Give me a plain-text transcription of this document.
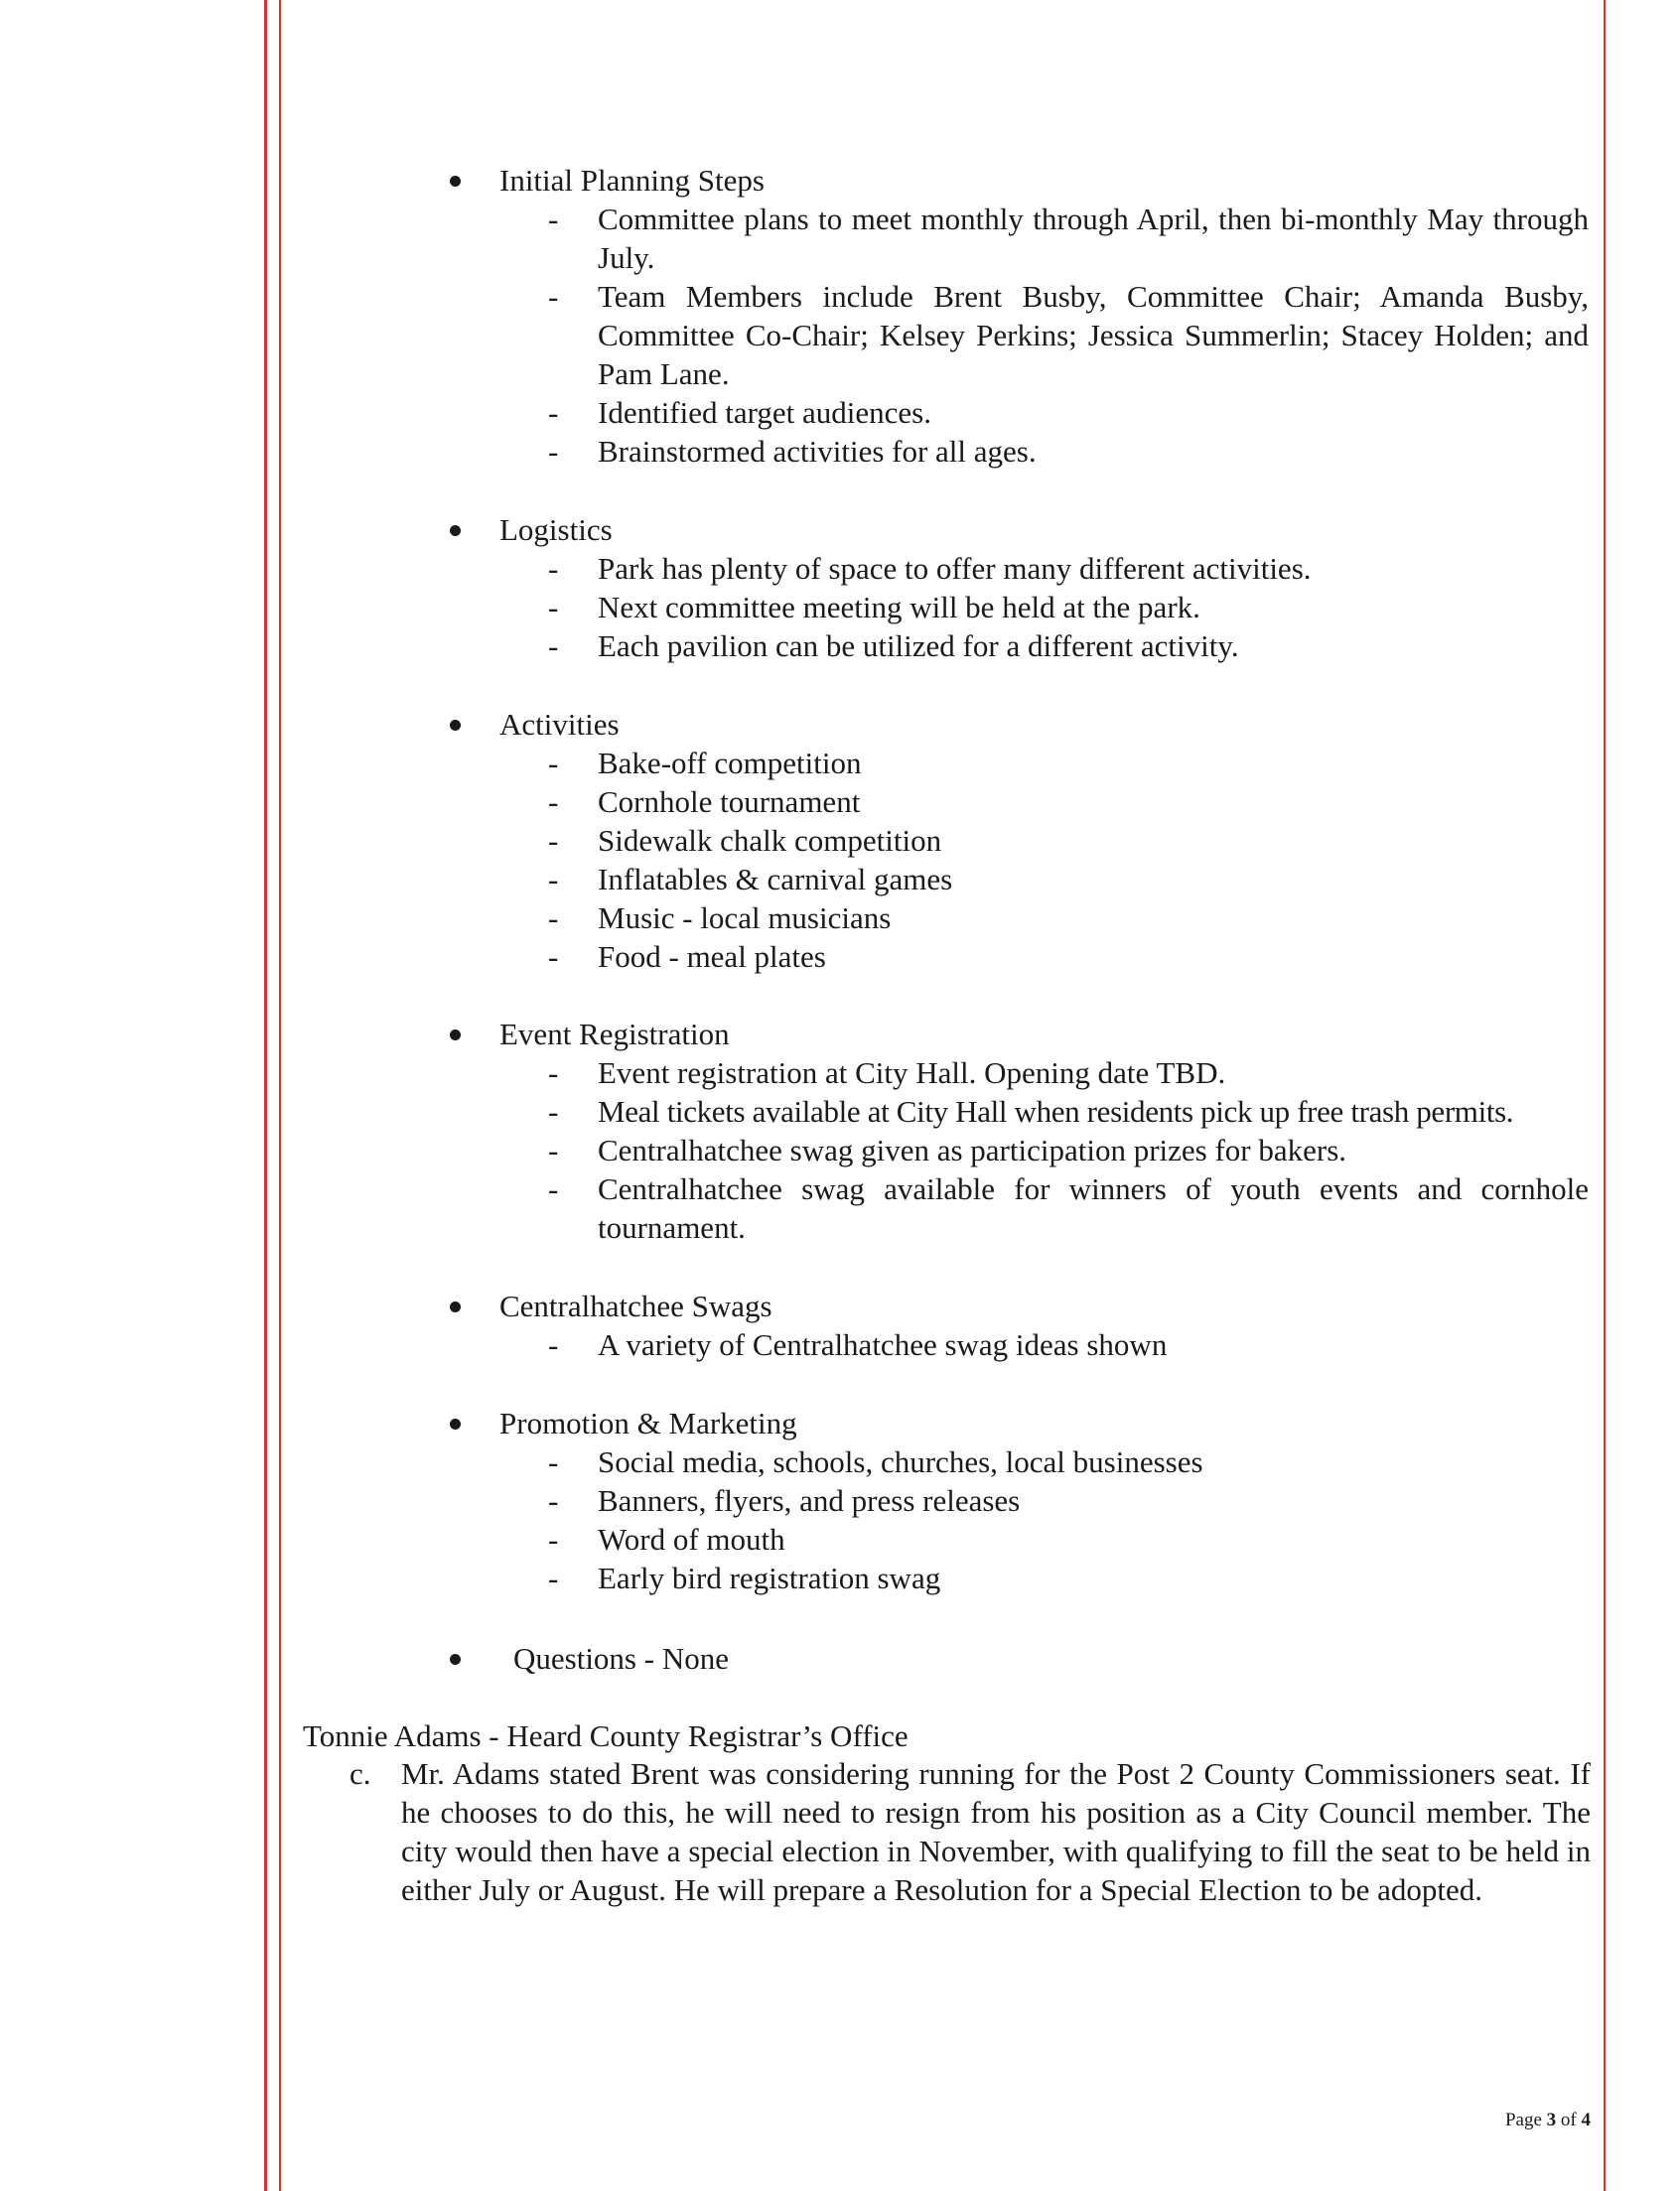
Initial Planning Steps
- Committee plans to meet monthly through April, then bi-monthly May through July.
- Team Members include Brent Busby, Committee Chair; Amanda Busby, Committee Co-Chair; Kelsey Perkins; Jessica Summerlin; Stacey Holden; and Pam Lane.
- Identified target audiences.
- Brainstormed activities for all ages.
Logistics
- Park has plenty of space to offer many different activities.
- Next committee meeting will be held at the park.
- Each pavilion can be utilized for a different activity.
Activities
- Bake-off competition
- Cornhole tournament
- Sidewalk chalk competition
- Inflatables & carnival games
- Music - local musicians
- Food - meal plates
Event Registration
- Event registration at City Hall. Opening date TBD.
- Meal tickets available at City Hall when residents pick up free trash permits.
- Centralhatchee swag given as participation prizes for bakers.
- Centralhatchee swag available for winners of youth events and cornhole tournament.
Centralhatchee Swags
- A variety of Centralhatchee swag ideas shown
Promotion & Marketing
- Social media, schools, churches, local businesses
- Banners, flyers, and press releases
- Word of mouth
- Early bird registration swag
Questions - None
Tonnie Adams - Heard County Registrar’s Office
c. Mr. Adams stated Brent was considering running for the Post 2 County Commissioners seat. If he chooses to do this, he will need to resign from his position as a City Council member. The city would then have a special election in November, with qualifying to fill the seat to be held in either July or August. He will prepare a Resolution for a Special Election to be adopted.
Page 3 of 4
